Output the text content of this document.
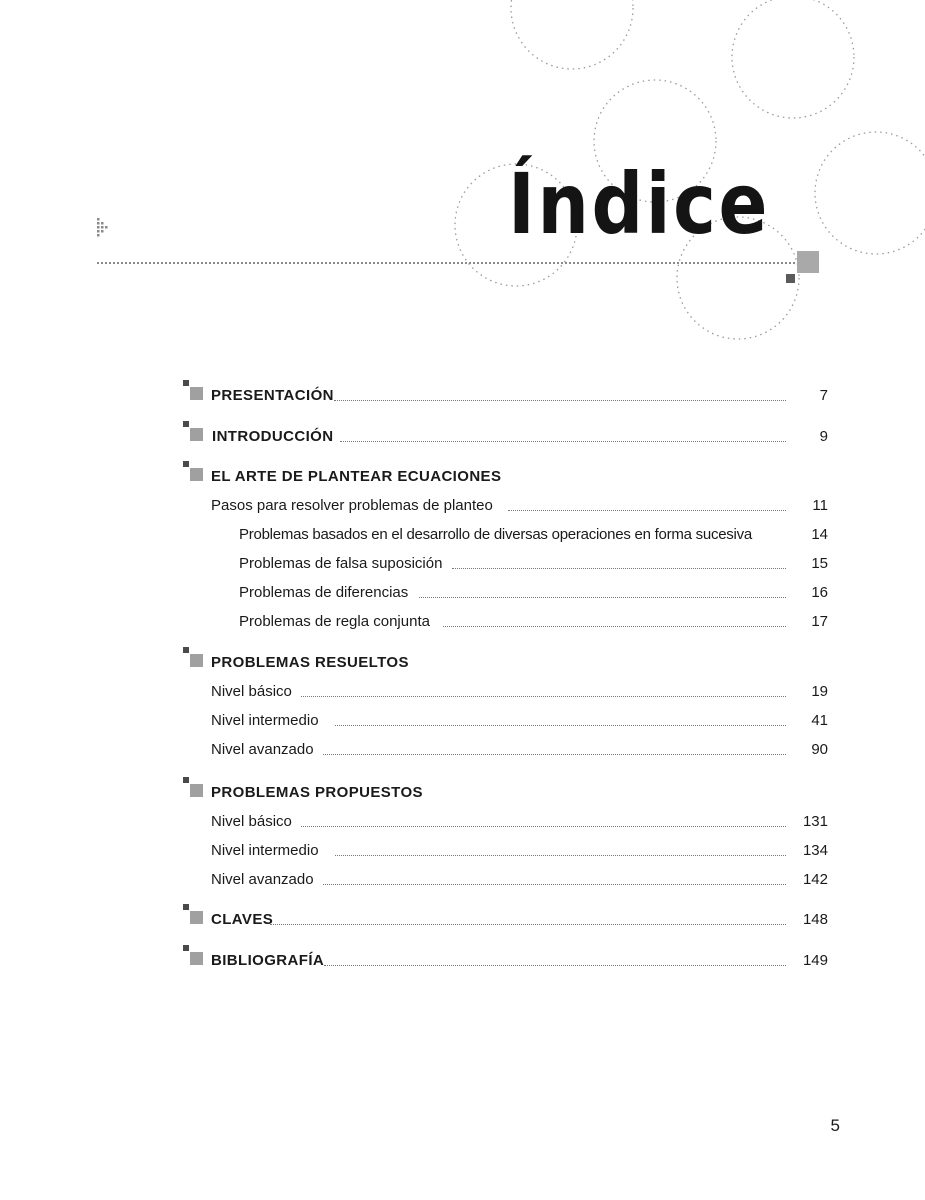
Índice
PRESENTACIÓN	7
INTRODUCCIÓN	9
EL ARTE DE PLANTEAR ECUACIONES
Pasos para resolver problemas de planteo	11
Problemas basados en el desarrollo de diversas operaciones en forma sucesiva	14
Problemas de falsa suposición	15
Problemas de diferencias	16
Problemas de regla conjunta	17
PROBLEMAS RESUELTOS
Nivel básico	19
Nivel intermedio	41
Nivel avanzado	90
PROBLEMAS PROPUESTOS
Nivel básico	131
Nivel intermedio	134
Nivel avanzado	142
CLAVES	148
BIBLIOGRAFÍA	149
5
